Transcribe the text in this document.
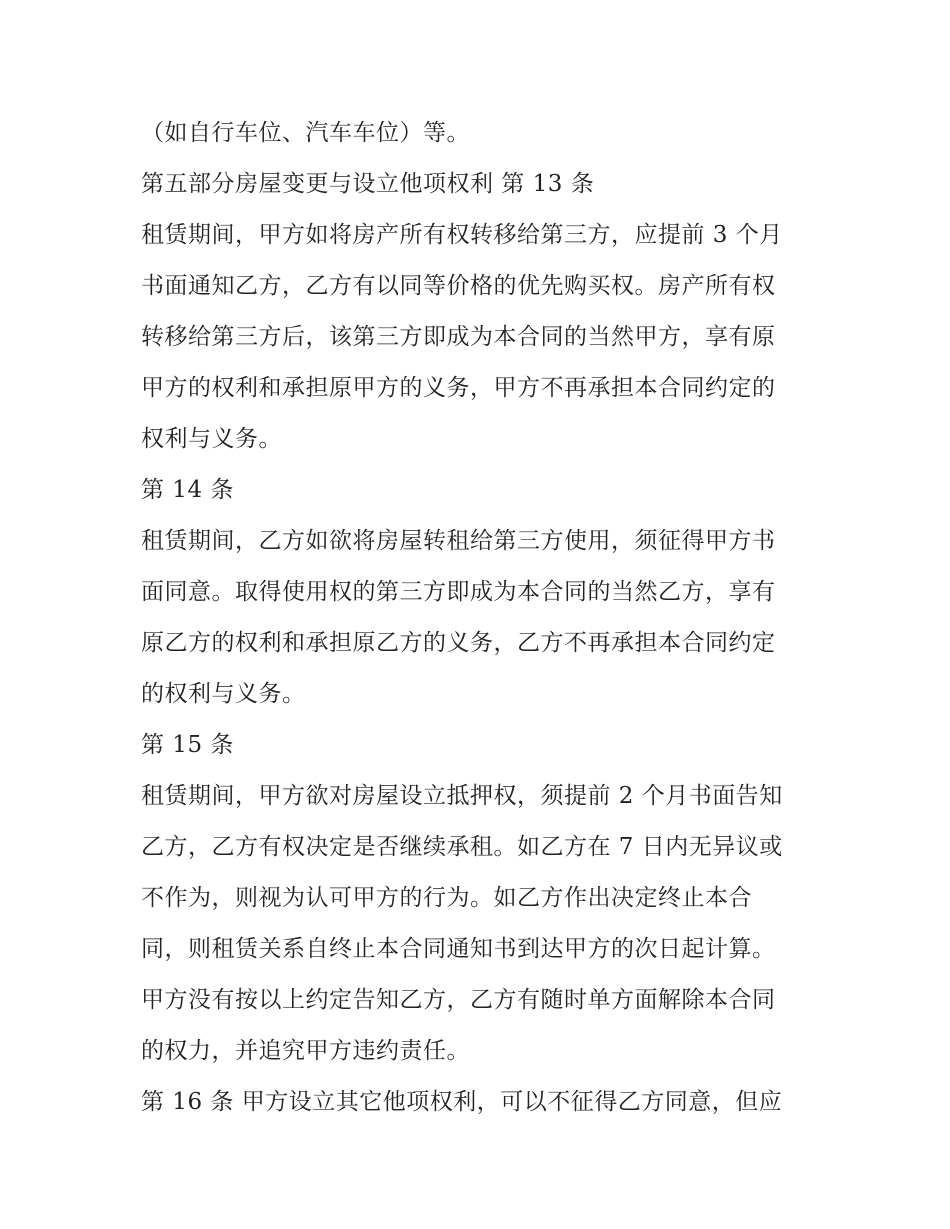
（如自行车位、汽车车位）等。
第五部分房屋变更与设立他项权利 第 13 条
租赁期间，甲方如将房产所有权转移给第三方，应提前 3 个月
书面通知乙方，乙方有以同等价格的优先购买权。房产所有权
转移给第三方后，该第三方即成为本合同的当然甲方，享有原
甲方的权利和承担原甲方的义务，甲方不再承担本合同约定的
权利与义务。
第 14 条
租赁期间，乙方如欲将房屋转租给第三方使用，须征得甲方书
面同意。取得使用权的第三方即成为本合同的当然乙方，享有
原乙方的权利和承担原乙方的义务，乙方不再承担本合同约定
的权利与义务。
第 15 条
租赁期间，甲方欲对房屋设立抵押权，须提前 2 个月书面告知
乙方，乙方有权决定是否继续承租。如乙方在 7 日内无异议或
不作为，则视为认可甲方的行为。如乙方作出决定终止本合
同，则租赁关系自终止本合同通知书到达甲方的次日起计算。
甲方没有按以上约定告知乙方，乙方有随时单方面解除本合同
的权力，并追究甲方违约责任。
第 16 条 甲方设立其它他项权利，可以不征得乙方同意，但应
